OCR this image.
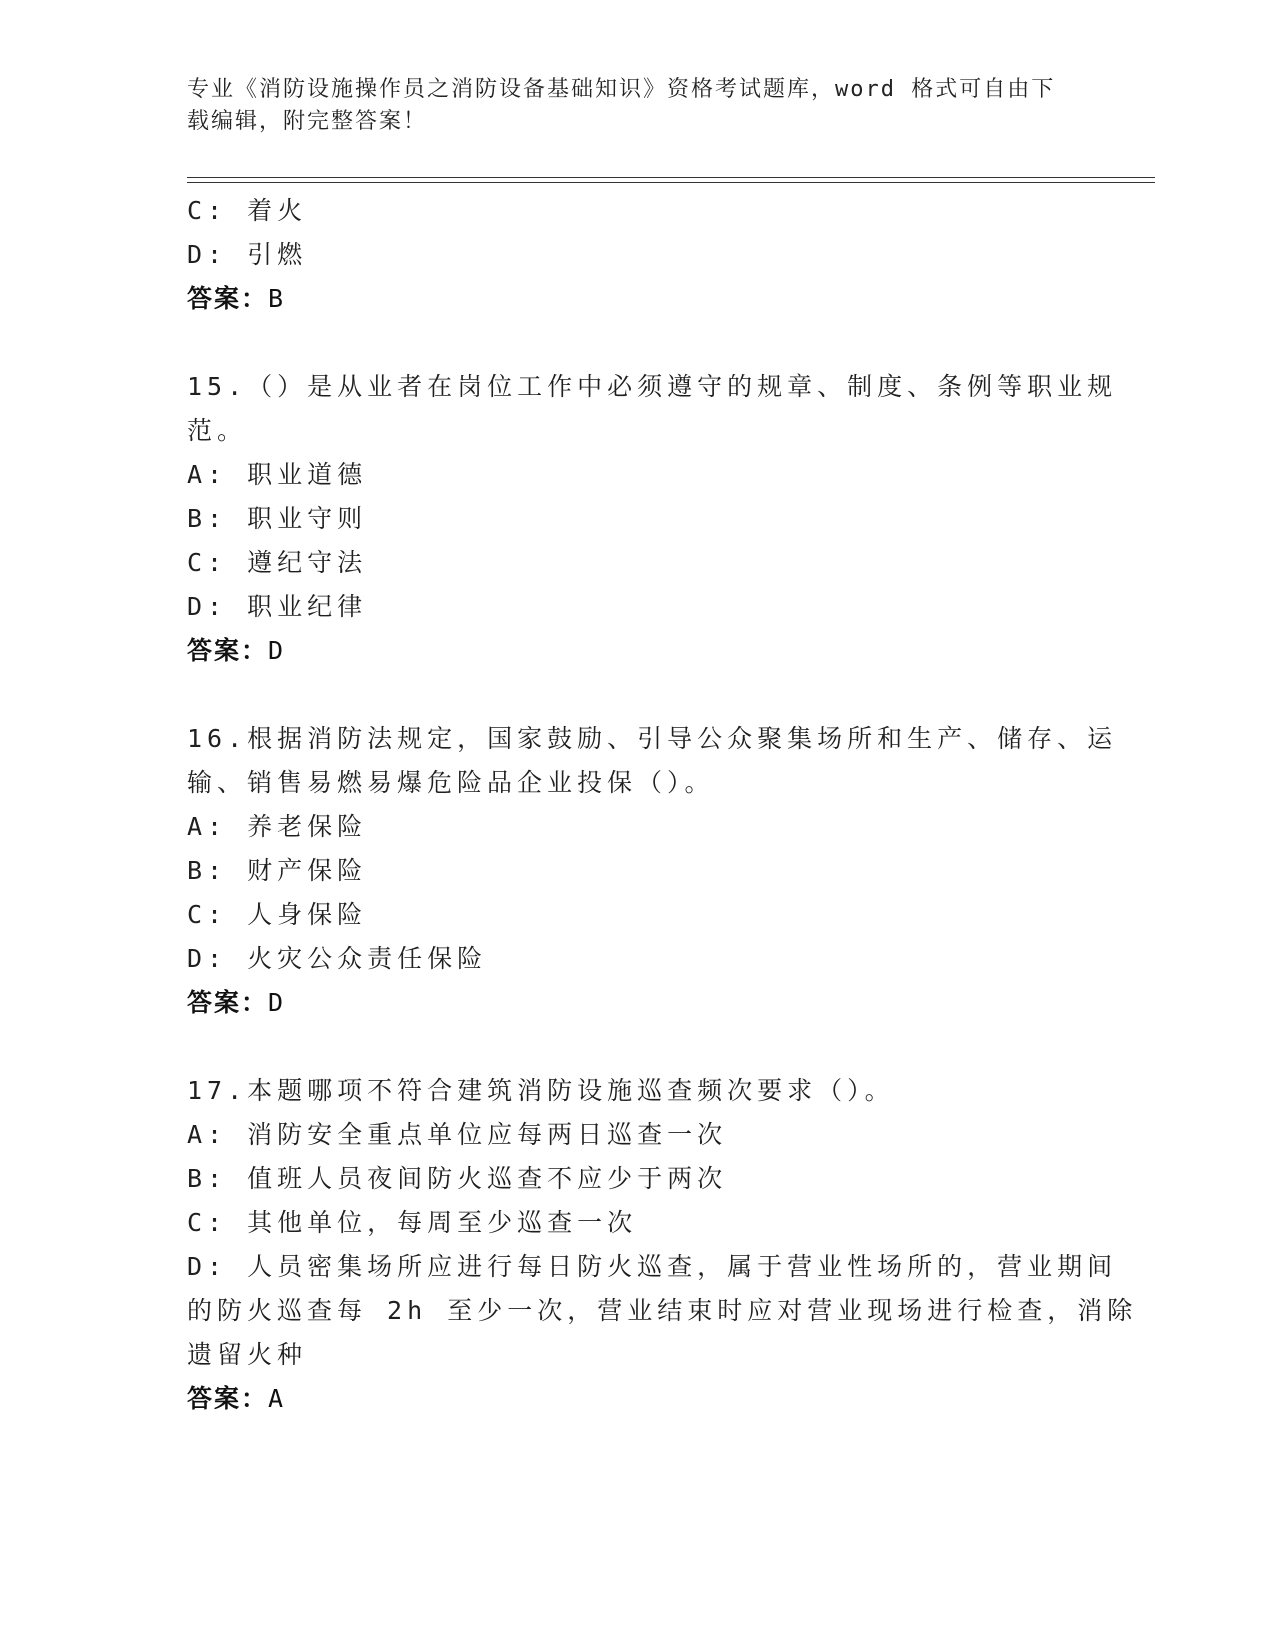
专业《消防设施操作员之消防设备基础知识》资格考试题库，word 格式可自由下
载编辑，附完整答案！
C: 着火
D: 引燃
答案：B
15.（）是从业者在岗位工作中必须遵守的规章、制度、条例等职业规
范。
A: 职业道德
B: 职业守则
C: 遵纪守法
D: 职业纪律
答案：D
16.根据消防法规定，国家鼓励、引导公众聚集场所和生产、储存、运
输、销售易燃易爆危险品企业投保（）。
A: 养老保险
B: 财产保险
C: 人身保险
D: 火灾公众责任保险
答案：D
17.本题哪项不符合建筑消防设施巡查频次要求（）。
A: 消防安全重点单位应每两日巡查一次
B: 值班人员夜间防火巡查不应少于两次
C: 其他单位，每周至少巡查一次
D: 人员密集场所应进行每日防火巡查，属于营业性场所的，营业期间
的防火巡查每 2h 至少一次，营业结束时应对营业现场进行检查，消除
遗留火种
答案：A
